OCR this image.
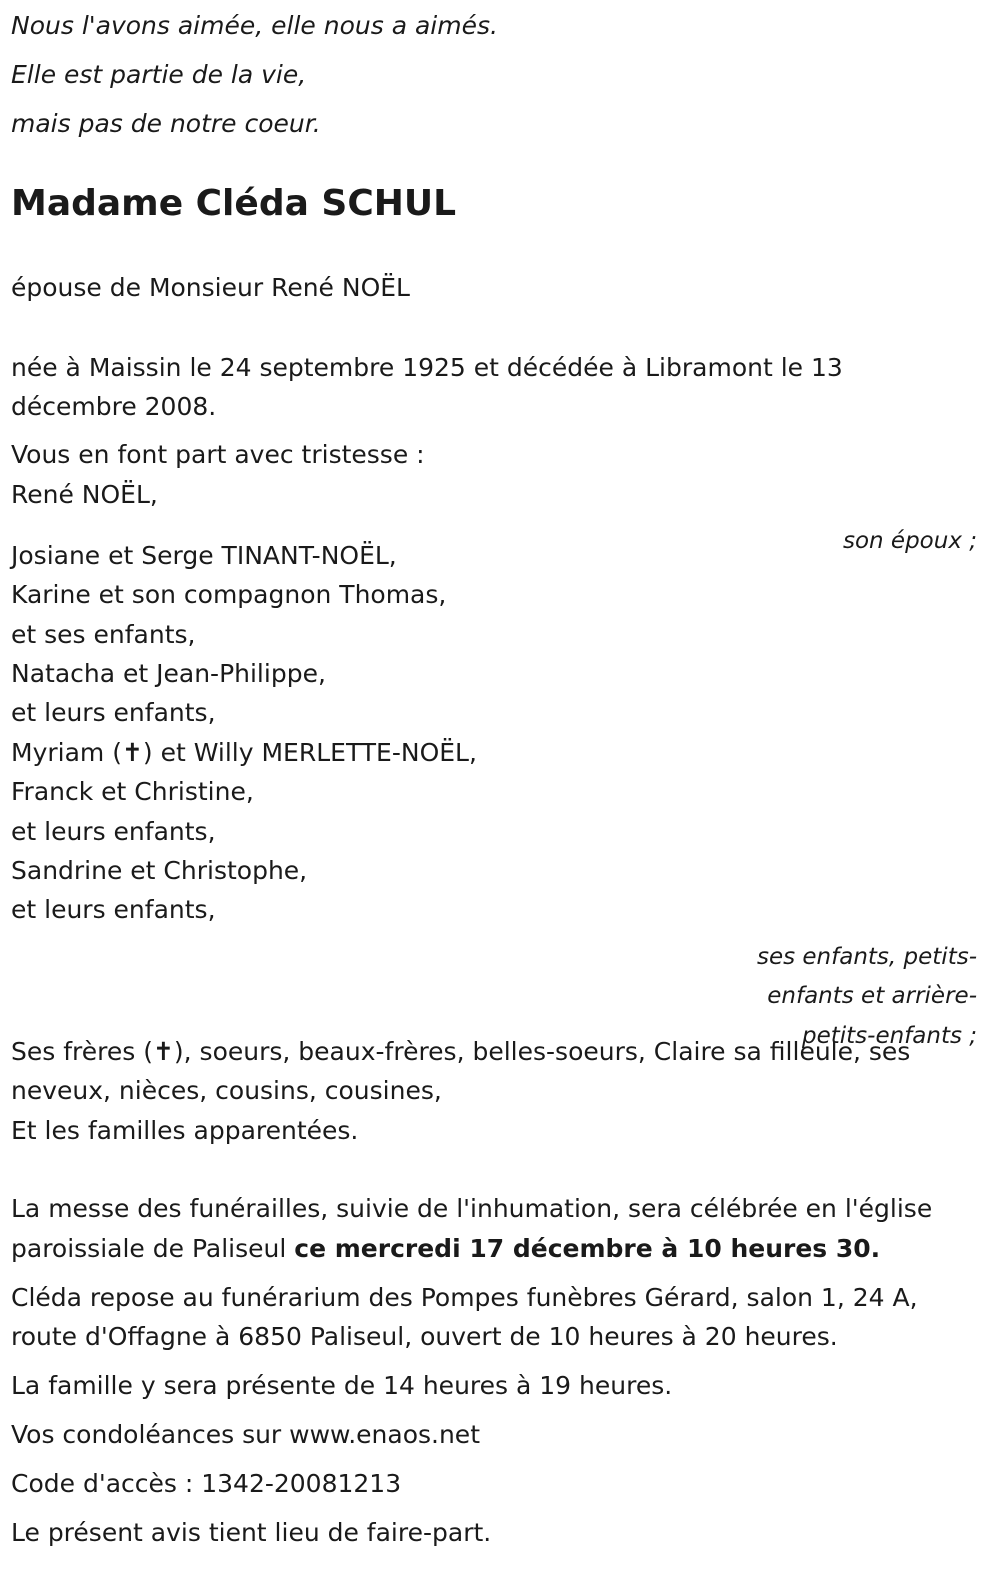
Nous l'avons aimée, elle nous a aimés.

Elle est partie de la vie,

mais pas de notre coeur.

Madame Cléda SCHUL

épouse de Monsieur René NOËL

née à Maissin le 24 septembre 1925 et décédée à Libramont le 13

décembre 2008.

Vous en font part avec tristesse :

René NOËL,

son époux ;

Josiane et Serge TINANT-NOËL,

Karine et son compagnon Thomas,

et ses enfants,

Natacha et Jean-Philippe,

et leurs enfants,

Myriam (✝) et Willy MERLETTE-NOËL,

Franck et Christine,

et leurs enfants,

Sandrine et Christophe,

et leurs enfants,

ses enfants, petits-

enfants et arrière-

petits-enfants ;

Ses frères (✝), soeurs, beaux-frères, belles-soeurs, Claire sa filleule, ses

neveux, nièces, cousins, cousines,

Et les familles apparentées.

La messe des funérailles, suivie de l'inhumation, sera célébrée en l'église

paroissiale de Paliseul ce mercredi 17 décembre à 10 heures 30.

Cléda repose au funérarium des Pompes funèbres Gérard, salon 1, 24 A,

route d'Offagne à 6850 Paliseul, ouvert de 10 heures à 20 heures.

La famille y sera présente de 14 heures à 19 heures.

Vos condoléances sur www.enaos.net

Code d'accès : 1342-20081213

Le présent avis tient lieu de faire-part.
